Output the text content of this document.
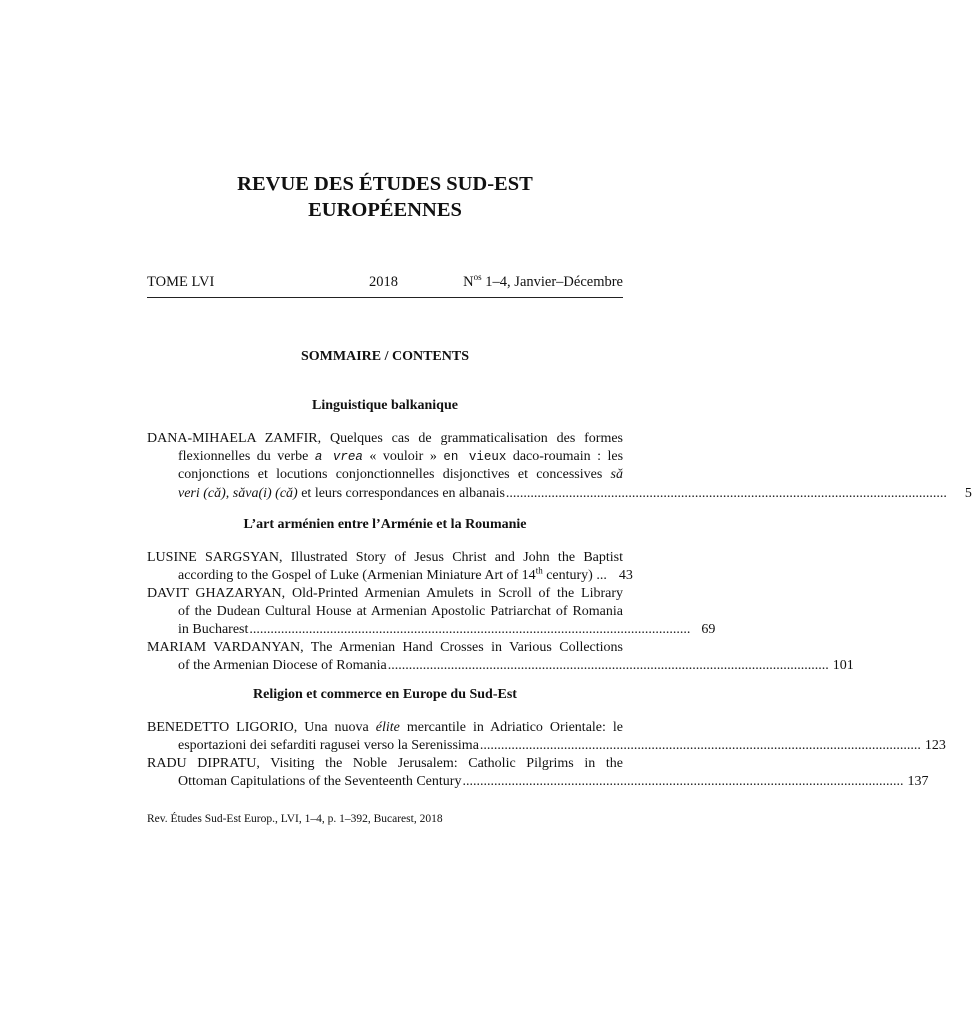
REVUE DES ÉTUDES SUD-EST
EUROPÉENNES
TOME LVI	2018	$N^{os}$ 1–4, Janvier–Décembre
SOMMAIRE / CONTENTS
Linguistique balkanique
DANA-MIHAELA ZAMFIR, Quelques cas de grammaticalisation des formes
flexionnelles du verbe a vrea « vouloir » en vieux daco-roumain : les
conjonctions et locutions conjonctionnelles disjonctives et concessives să
veri (că), săva(i) (că) et leurs correspondances en albanais ..............................................................................................................................	5
L’art arménien entre l’Arménie et la Roumanie
LUSINE SARGSYAN, Illustrated Story of Jesus Christ and John the Baptist
according to the Gospel of Luke (Armenian Miniature Art of 14th century) ... 43
DAVIT GHAZARYAN, Old-Printed Armenian Amulets in Scroll of the Library
of the Dudean Cultural House at Armenian Apostolic Patriarchat of Romania
in Bucharest .............................................................................................................................. 69
MARIAM VARDANYAN, The Armenian Hand Crosses in Various Collections
of the Armenian Diocese of Romania .............................................................................................................................. 101
Religion et commerce en Europe du Sud-Est
BENEDETTO LIGORIO, Una nuova élite mercantile in Adriatico Orientale: le
esportazioni dei sefarditi ragusei verso la Serenissima .............................................................................................................................. 123
RADU DIPRATU, Visiting the Noble Jerusalem: Catholic Pilgrims in the
Ottoman Capitulations of the Seventeenth Century .............................................................................................................................. 137
Rev. Études Sud-Est Europ., LVI, 1–4, p. 1–392, Bucarest, 2018
